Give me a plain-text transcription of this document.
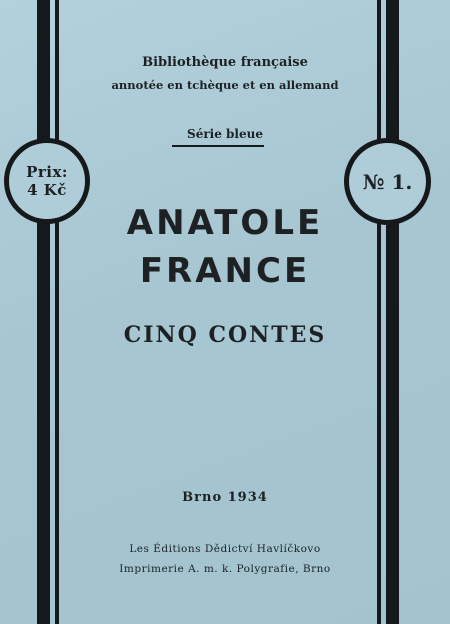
Bibliothèque française
annotée en tchèque et en allemand
Série bleue
Prix:
4 Kč	№ 1.
ANATOLE
FRANCE
CINQ CONTES
Brno 1934
Les Éditions Dědictví Havlíčkovo
Imprimerie A. m. k. Polygrafie, Brno
